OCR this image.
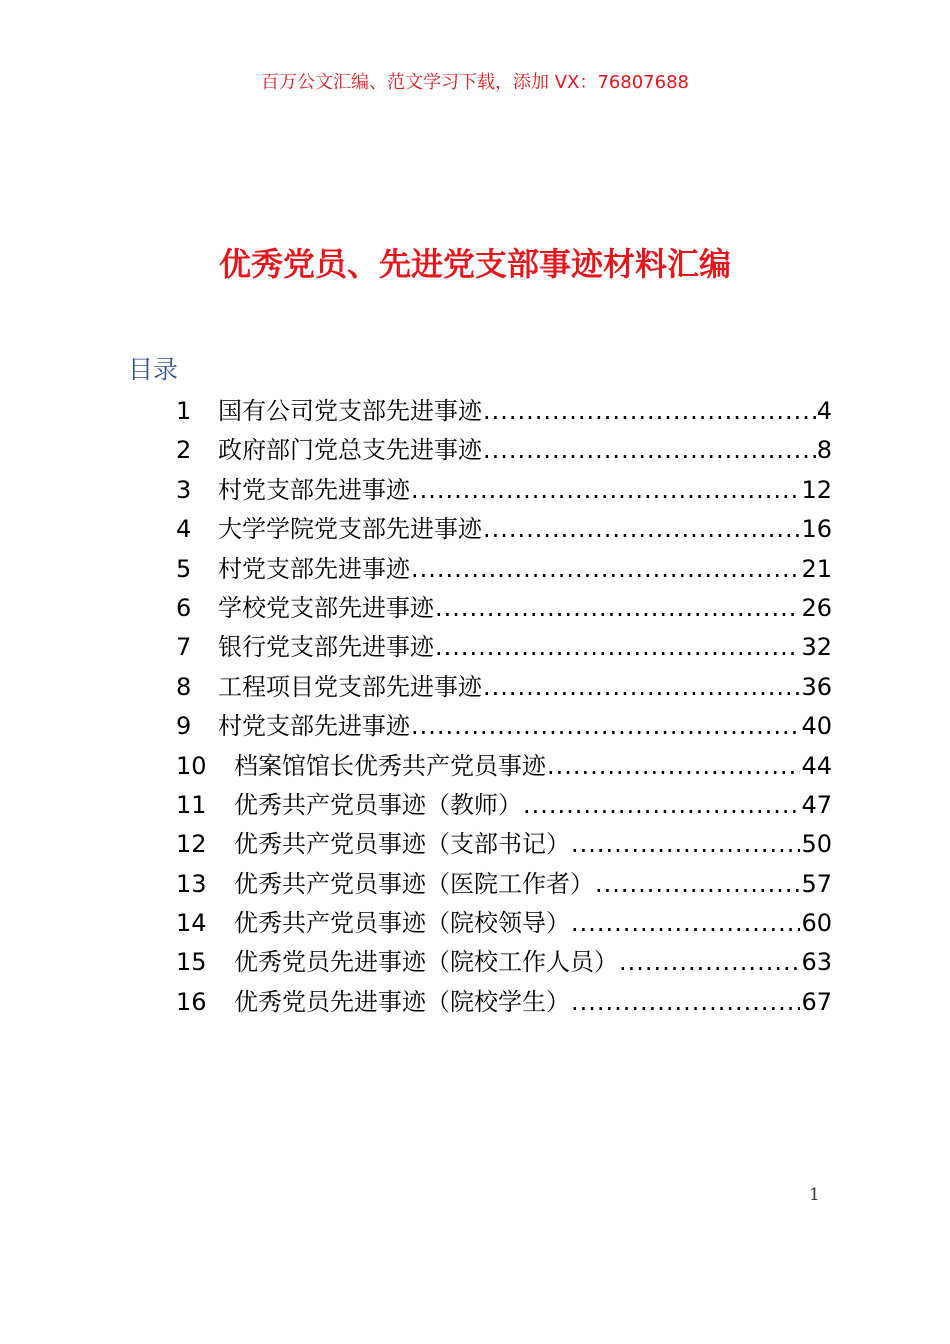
百万公文汇编、范文学习下载，添加 VX：76807688
优秀党员、先进党支部事迹材料汇编
目录
1	国有公司党支部先进事迹 .....	4
2	政府部门党总支先进事迹 .....	8
3	村党支部先进事迹 .....	12
4	大学学院党支部先进事迹 .....	16
5	村党支部先进事迹 .....	21
6	学校党支部先进事迹 .....	26
7	银行党支部先进事迹 .....	32
8	工程项目党支部先进事迹 .....	36
9	村党支部先进事迹 .....	40
10	档案馆馆长优秀共产党员事迹 .....	44
11	优秀共产党员事迹（教师） .....	47
12	优秀共产党员事迹（支部书记） .....	50
13	优秀共产党员事迹（医院工作者） .....	57
14	优秀共产党员事迹（院校领导） .....	60
15	优秀党员先进事迹（院校工作人员） .....	63
16	优秀党员先进事迹（院校学生） .....	67
1
